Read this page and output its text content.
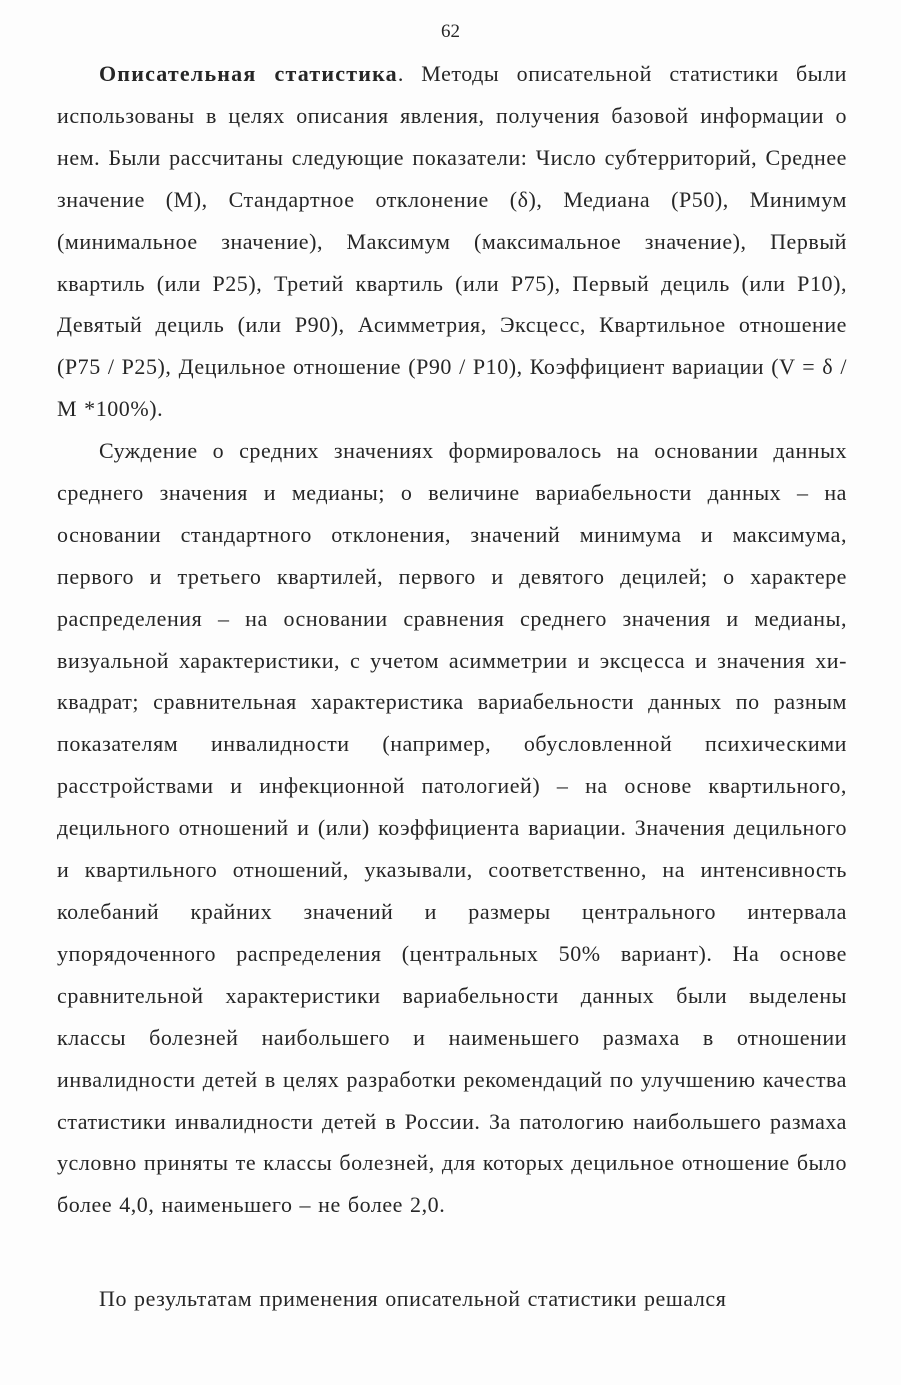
62

Описательная статистика. Методы описательной статистики были использованы в целях описания явления, получения базовой информации о нем. Были рассчитаны следующие показатели: Число субтерриторий, Среднее значение (М), Стандартное отклонение (δ), Медиана (Р50), Минимум (минимальное значение), Максимум (максимальное значение), Первый квартиль (или Р25), Третий квартиль (или Р75), Первый дециль (или Р10), Девятый дециль (или Р90), Асимметрия, Эксцесс, Квартильное отношение (Р75 / Р25), Децильное отношение (Р90 / Р10), Коэффициент вариации (V = δ / М *100%).

Суждение о средних значениях формировалось на основании данных среднего значения и медианы; о величине вариабельности данных – на основании стандартного отклонения, значений минимума и максимума, первого и третьего квартилей, первого и девятого децилей; о характере распределения – на основании сравнения среднего значения и медианы, визуальной характеристики, с учетом асимметрии и эксцесса и значения хи-квадрат; сравнительная характеристика вариабельности данных по разным показателям инвалидности (например, обусловленной психическими расстройствами и инфекционной патологией) – на основе квартильного, децильного отношений и (или) коэффициента вариации. Значения децильного и квартильного отношений, указывали, соответственно, на интенсивность колебаний крайних значений и размеры центрального интервала упорядоченного распределения (центральных 50% вариант). На основе сравнительной характеристики вариабельности данных были выделены классы болезней наибольшего и наименьшего размаха в отношении инвалидности детей в целях разработки рекомендаций по улучшению качества статистики инвалидности детей в России. За патологию наибольшего размаха условно приняты те классы болезней, для которых децильное отношение было более 4,0, наименьшего – не более 2,0.

По результатам применения описательной статистики решался
